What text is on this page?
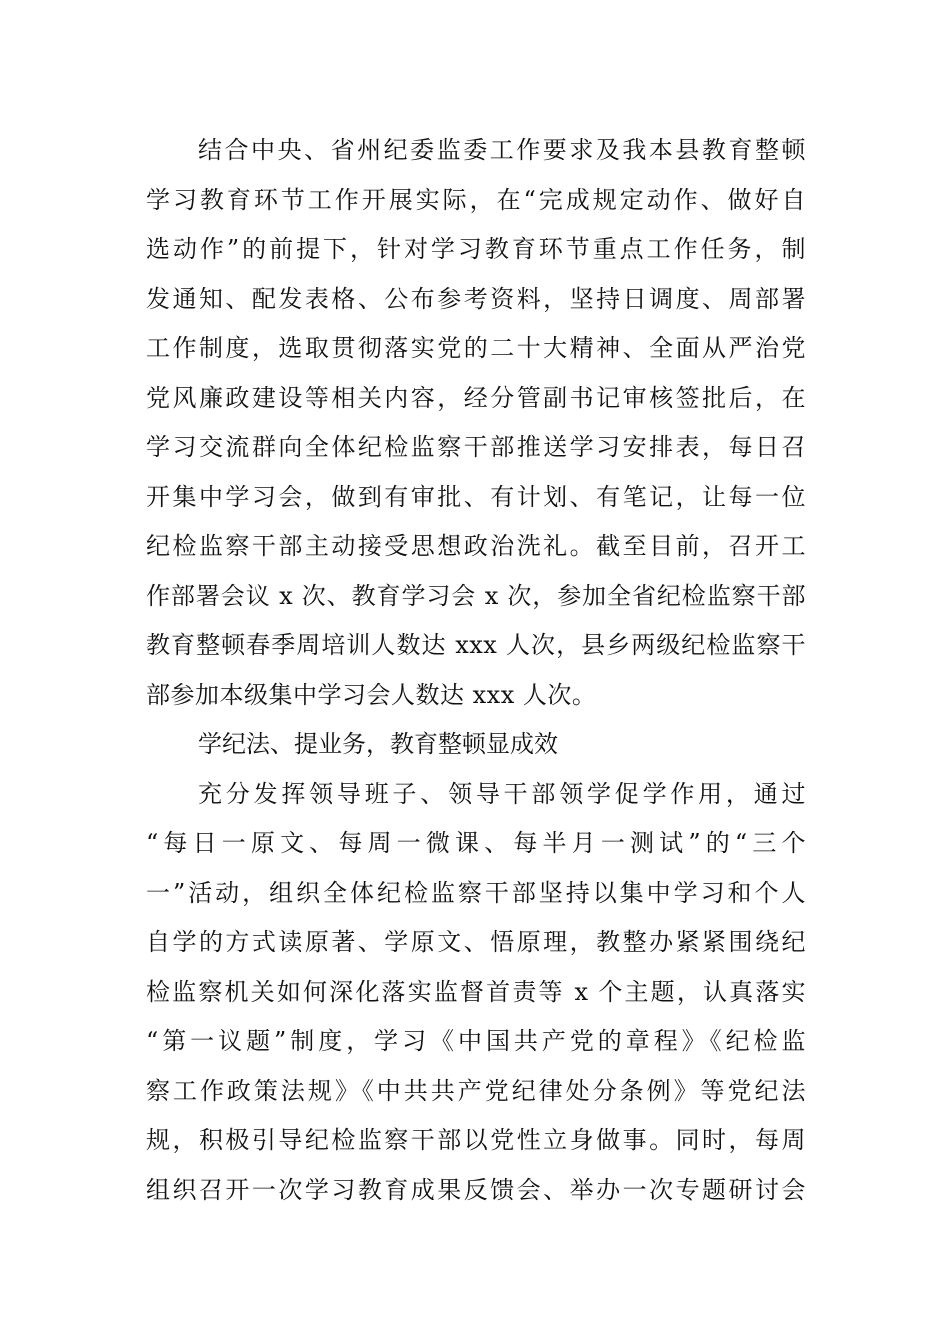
结合中央、省州纪委监委工作要求及我本县教育整顿
学习教育环节工作开展实际，在“完成规定动作、做好自
选动作”的前提下，针对学习教育环节重点工作任务，制
发通知、配发表格、公布参考资料，坚持日调度、周部署
工作制度，选取贯彻落实党的二十大精神、全面从严治党
党风廉政建设等相关内容，经分管副书记审核签批后，在
学习交流群向全体纪检监察干部推送学习安排表，每日召
开集中学习会，做到有审批、有计划、有笔记，让每一位
纪检监察干部主动接受思想政治洗礼。截至目前，召开工
作部署会议 x 次、教育学习会 x 次，参加全省纪检监察干部
教育整顿春季周培训人数达 xxx 人次，县乡两级纪检监察干
部参加本级集中学习会人数达 xxx 人次。
学纪法、提业务，教育整顿显成效
充分发挥领导班子、领导干部领学促学作用，通过
“每日一原文、每周一微课、每半月一测试”的“三个
一”活动，组织全体纪检监察干部坚持以集中学习和个人
自学的方式读原著、学原文、悟原理，教整办紧紧围绕纪
检监察机关如何深化落实监督首责等 x 个主题，认真落实
“第一议题”制度，学习《中国共产党的章程》《纪检监
察工作政策法规》《中共共产党纪律处分条例》等党纪法
规，积极引导纪检监察干部以党性立身做事。同时，每周
组织召开一次学习教育成果反馈会、举办一次专题研讨会
